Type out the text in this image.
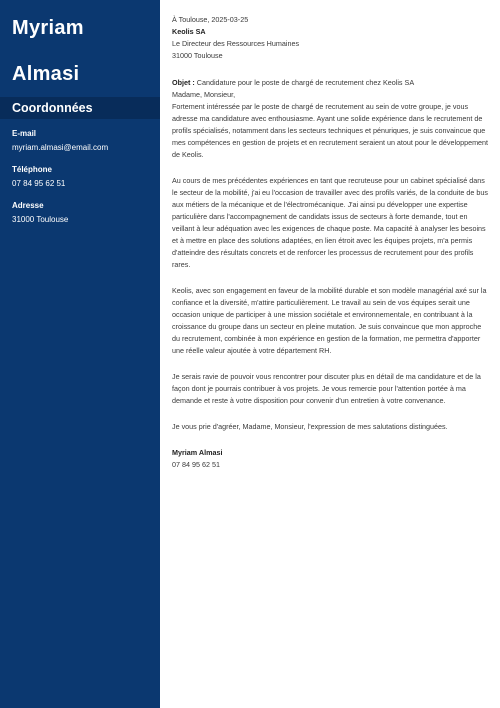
Myriam
Almasi
Coordonnées
E-mail
myriam.almasi@email.com
Téléphone
07 84 95 62 51
Adresse
31000 Toulouse

À Toulouse, 2025-03-25

Keolis SA

Le Directeur des Ressources Humaines

31000 Toulouse

Objet : Candidature pour le poste de chargé de recrutement chez Keolis SA

Madame, Monsieur,

Fortement intéressée par le poste de chargé de recrutement au sein de votre groupe, je vous adresse ma candidature avec enthousiasme. Ayant une solide expérience dans le recrutement de profils spécialisés, notamment dans les secteurs techniques et pénuriques, je suis convaincue que mes compétences en gestion de projets et en recrutement seraient un atout pour le développement de Keolis.

Au cours de mes précédentes expériences en tant que recruteuse pour un cabinet spécialisé dans le secteur de la mobilité, j'ai eu l'occasion de travailler avec des profils variés, de la conduite de bus aux métiers de la mécanique et de l'électromécanique. J'ai ainsi pu développer une expertise particulière dans l'accompagnement de candidats issus de secteurs à forte demande, tout en veillant à leur adéquation avec les exigences de chaque poste. Ma capacité à analyser les besoins et à mettre en place des solutions adaptées, en lien étroit avec les équipes projets, m'a permis d'atteindre des résultats concrets et de renforcer les processus de recrutement pour des profils rares.

Keolis, avec son engagement en faveur de la mobilité durable et son modèle managérial axé sur la confiance et la diversité, m'attire particulièrement. Le travail au sein de vos équipes serait une occasion unique de participer à une mission sociétale et environnementale, en contribuant à la croissance du groupe dans un secteur en pleine mutation. Je suis convaincue que mon approche du recrutement, combinée à mon expérience en gestion de la formation, me permettra d'apporter une réelle valeur ajoutée à votre département RH.

Je serais ravie de pouvoir vous rencontrer pour discuter plus en détail de ma candidature et de la façon dont je pourrais contribuer à vos projets. Je vous remercie pour l'attention portée à ma demande et reste à votre disposition pour convenir d'un entretien à votre convenance.

Je vous prie d'agréer, Madame, Monsieur, l'expression de mes salutations distinguées.

Myriam Almasi
07 84 95 62 51
